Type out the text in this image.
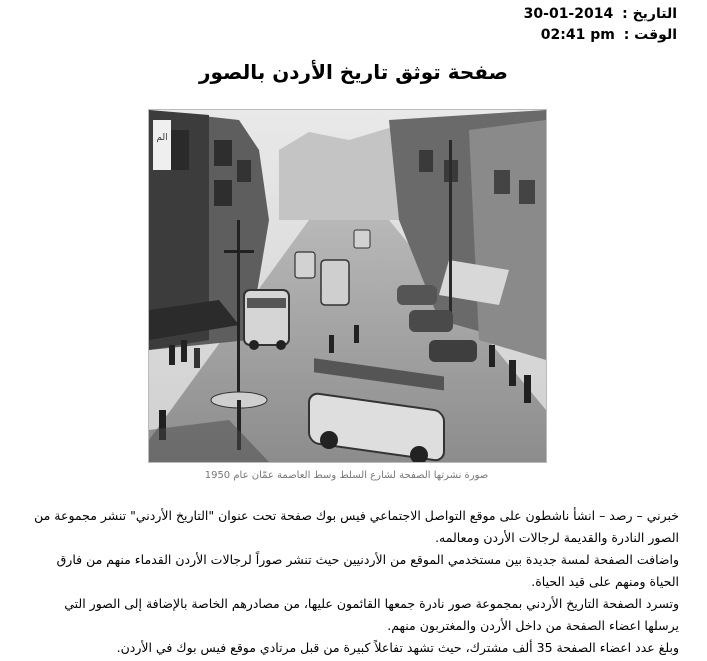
التاريخ : 30-01-2014
الوقت : 02:41 pm
صفحة توثق تاريخ الأردن بالصور
الم
صورة نشرتها الصفحة لشارع السلط وسط العاصمة عمّان عام 1950

خبرني – رصد – انشأ ناشطون على موقع التواصل الاجتماعي فيس بوك صفحة تحت عنوان "التاريخ الأردني" تنشر مجموعة من الصور النادرة والقديمة لرجالات الأردن ومعالمه.

واضافت الصفحة لمسة جديدة بين مستخدمي الموقع من الأردنيين حيث تنشر صوراً لرجالات الأردن القدماء منهم من فارق الحياة ومنهم على قيد الحياة.

وتسرد الصفحة التاريخ الأردني بمجموعة صور نادرة جمعها القائمون عليها، من مصادرهم الخاصة بالإضافة إلى الصور التي يرسلها اعضاء الصفحة من داخل الأردن والمغتربون منهم.

وبلغ عدد اعضاء الصفحة 35 ألف مشترك، حيث تشهد تفاعلاً كبيرة من قبل مرتادي موقع فيس بوك في الأردن.
